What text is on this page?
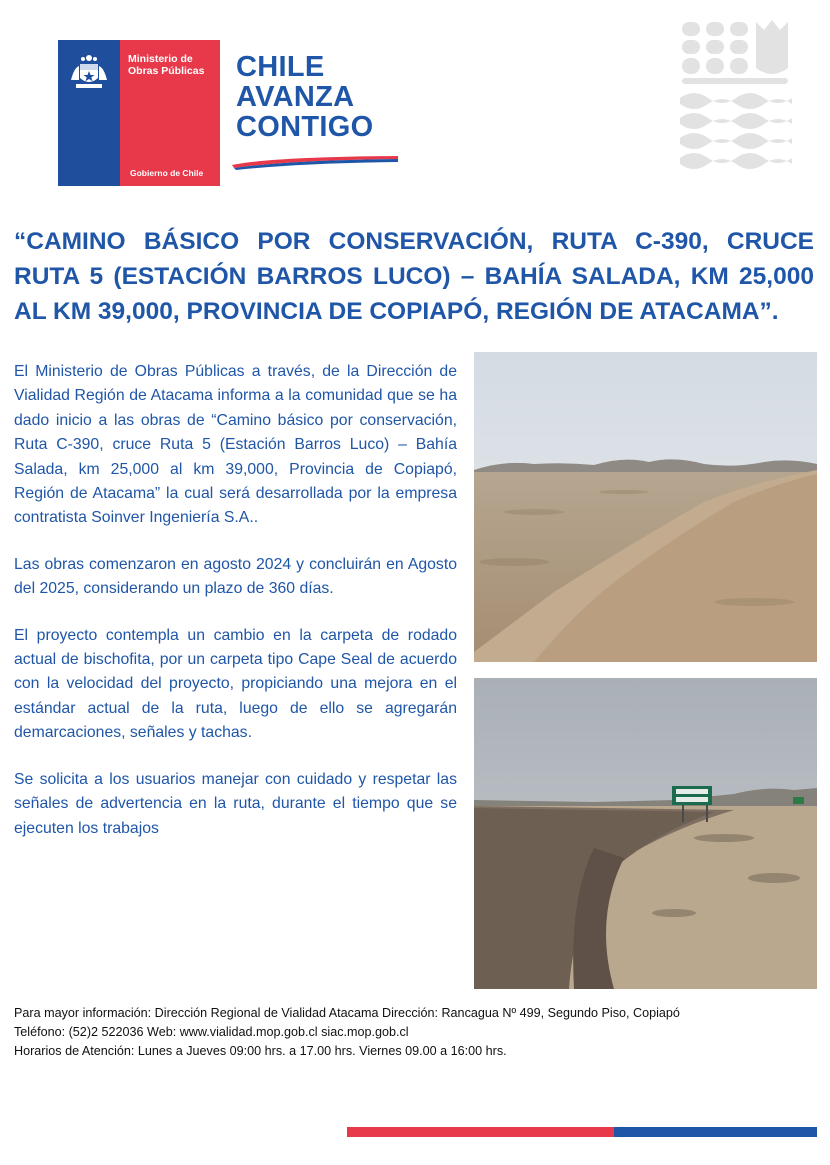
Ministerio de
Obras Públicas
Gobierno de Chile
CHILE
AVANZA
CONTIGO
“CAMINO BÁSICO POR CONSERVACIÓN, RUTA C-390, CRUCE RUTA 5 (ESTACIÓN BARROS LUCO) – BAHÍA SALADA, KM 25,000 AL KM 39,000, PROVINCIA DE COPIAPÓ, REGIÓN DE ATACAMA”.

El Ministerio de Obras Públicas a través, de la Dirección de Vialidad Región de Atacama informa a la comunidad que se ha dado inicio a las obras de “Camino básico por conservación, Ruta C-390, cruce Ruta 5 (Estación Barros Luco) – Bahía Salada, km 25,000 al km 39,000, Provincia de Copiapó, Región de Atacama” la cual será desarrollada por la empresa contratista Soinver Ingeniería S.A..

Las obras comenzaron en agosto 2024 y concluirán en Agosto del 2025, considerando un plazo de 360 días.

El proyecto contempla un cambio en la carpeta de rodado actual de bischofita, por un carpeta tipo Cape Seal de acuerdo con la velocidad del proyecto, propiciando una mejora en el estándar actual de la ruta, luego de ello se agregarán demarcaciones, señales y tachas.

Se solicita a los usuarios manejar con cuidado y respetar las señales de advertencia en la ruta, durante el tiempo que se ejecuten los trabajos

Para mayor información: Dirección Regional de Vialidad Atacama Dirección: Rancagua Nº 499, Segundo Piso, Copiapó
Teléfono: (52)2 522036 Web: www.vialidad.mop.gob.cl siac.mop.gob.cl
Horarios de Atención: Lunes a Jueves 09:00 hrs. a 17.00 hrs. Viernes 09.00 a 16:00 hrs.
